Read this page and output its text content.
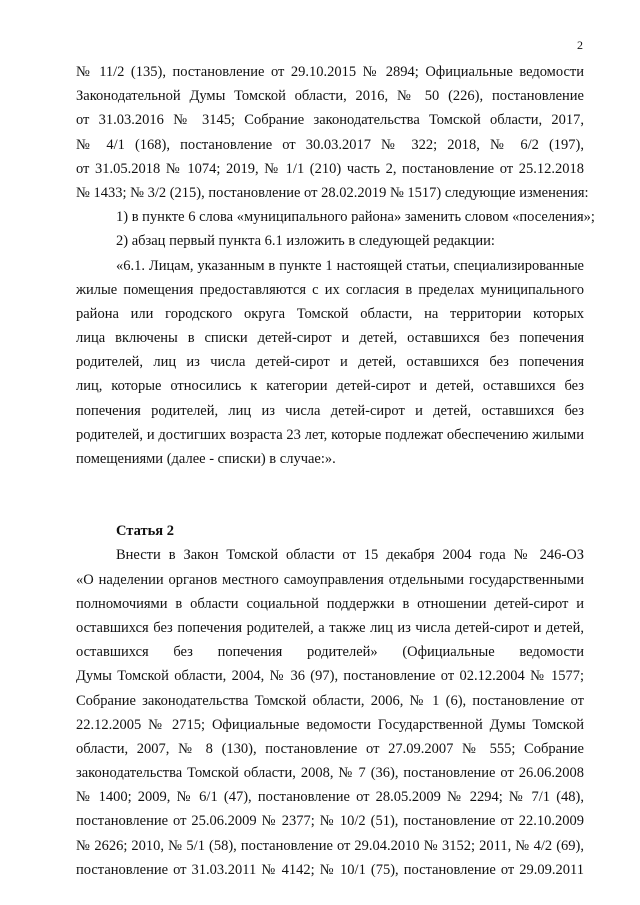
2
№ 11/2 (135), постановление от 29.10.2015 № 2894; Официальные ведомости
Законодательной Думы Томской области, 2016, № 50 (226), постановление
от 31.03.2016 № 3145; Собрание законодательства Томской области, 2017,
№ 4/1 (168), постановление от 30.03.2017 № 322; 2018, № 6/2 (197),
от 31.05.2018 № 1074; 2019, № 1/1 (210) часть 2, постановление от 25.12.2018
№ 1433; № 3/2 (215), постановление от 28.02.2019 № 1517) следующие изменения:
1) в пункте 6 слова «муниципального района» заменить словом «поселения»;
2) абзац первый пункта 6.1 изложить в следующей редакции:
«6.1. Лицам, указанным в пункте 1 настоящей статьи, специализированные
жилые помещения предоставляются с их согласия в пределах муниципального
района или городского округа Томской области, на территории которых
лица включены в списки детей-сирот и детей, оставшихся без попечения
родителей, лиц из числа детей-сирот и детей, оставшихся без попечения
лиц, которые относились к категории детей-сирот и детей, оставшихся без
попечения родителей, лиц из числа детей-сирот и детей, оставшихся без
родителей, и достигших возраста 23 лет, которые подлежат обеспечению жилыми
помещениями (далее - списки) в случае:».
Статья 2
Внести в Закон Томской области от 15 декабря 2004 года № 246-ОЗ
«О наделении органов местного самоуправления отдельными государственными
полномочиями в области социальной поддержки в отношении детей-сирот и
оставшихся без попечения родителей, а также лиц из числа детей-сирот и детей,
оставшихся без попечения родителей» (Официальные ведомости
Думы Томской области, 2004, № 36 (97), постановление от 02.12.2004 № 1577;
Собрание законодательства Томской области, 2006, № 1 (6), постановление от
22.12.2005 № 2715; Официальные ведомости Государственной Думы Томской
области, 2007, № 8 (130), постановление от 27.09.2007 № 555; Собрание
законодательства Томской области, 2008, № 7 (36), постановление от 26.06.2008
№ 1400; 2009, № 6/1 (47), постановление от 28.05.2009 № 2294; № 7/1 (48),
постановление от 25.06.2009 № 2377; № 10/2 (51), постановление от 22.10.2009
№ 2626; 2010, № 5/1 (58), постановление от 29.04.2010 № 3152; 2011, № 4/2 (69),
постановление от 31.03.2011 № 4142; № 10/1 (75), постановление от 29.09.2011
